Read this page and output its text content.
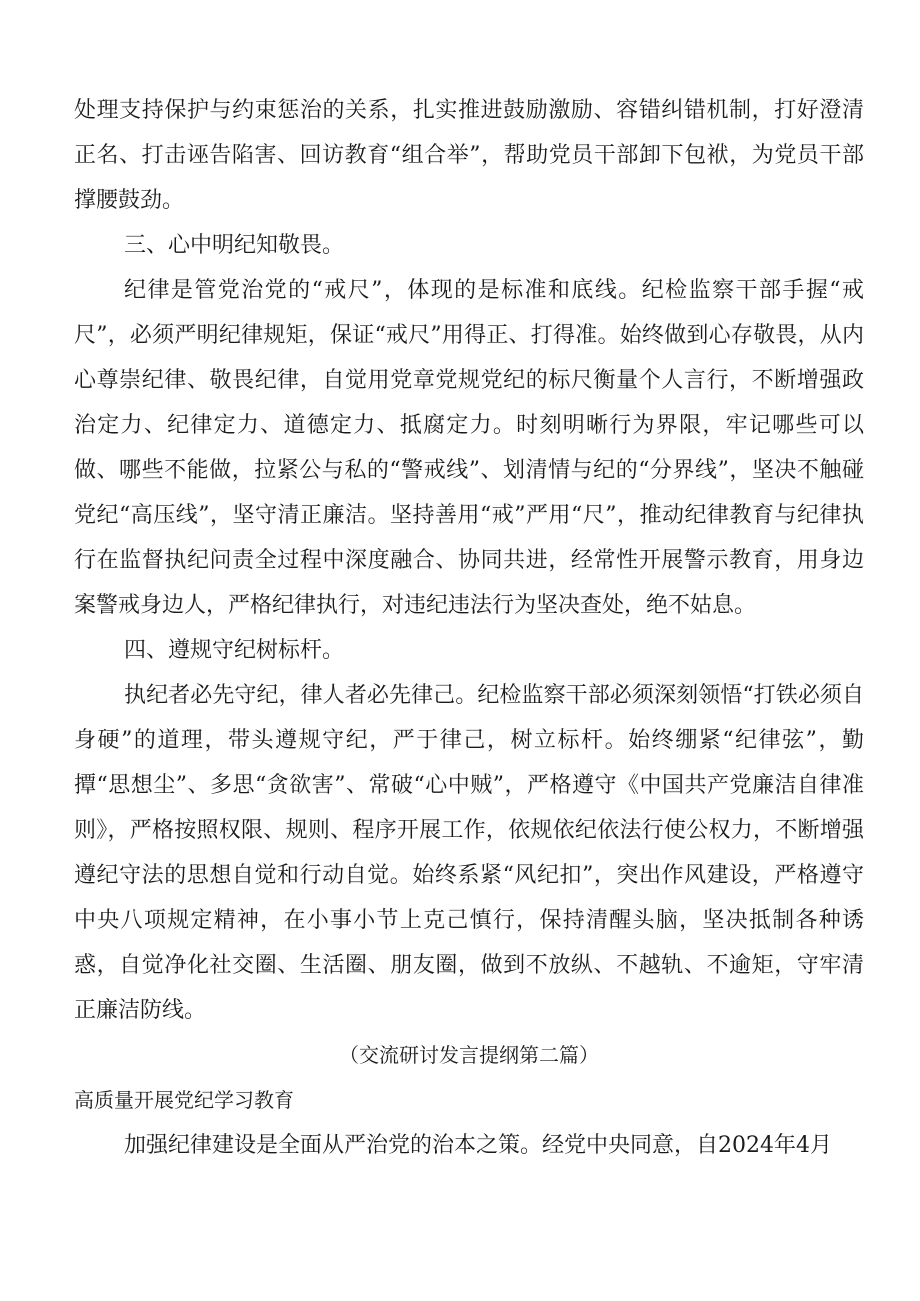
处理支持保护与约束惩治的关系，扎实推进鼓励激励、容错纠错机制，打好澄清正名、打击诬告陷害、回访教育“组合举”，帮助党员干部卸下包袱，为党员干部撑腰鼓劲。

三、心中明纪知敬畏。

纪律是管党治党的“戒尺”，体现的是标准和底线。纪检监察干部手握“戒尺”，必须严明纪律规矩，保证“戒尺”用得正、打得准。始终做到心存敬畏，从内心尊崇纪律、敬畏纪律，自觉用党章党规党纪的标尺衡量个人言行，不断增强政治定力、纪律定力、道德定力、抵腐定力。时刻明晰行为界限，牢记哪些可以做、哪些不能做，拉紧公与私的“警戒线”、划清情与纪的“分界线”，坚决不触碰党纪“高压线”，坚守清正廉洁。坚持善用“戒”严用“尺”，推动纪律教育与纪律执行在监督执纪问责全过程中深度融合、协同共进，经常性开展警示教育，用身边案警戒身边人，严格纪律执行，对违纪违法行为坚决查处，绝不姑息。

四、遵规守纪树标杆。

执纪者必先守纪，律人者必先律己。纪检监察干部必须深刻领悟“打铁必须自身硬”的道理，带头遵规守纪，严于律己，树立标杆。始终绷紧“纪律弦”，勤撢“思想尘”、多思“贪欲害”、常破“心中贼”，严格遵守《中国共产党廉洁自律准则》，严格按照权限、规则、程序开展工作，依规依纪依法行使公权力，不断增强遵纪守法的思想自觉和行动自觉。始终系紧“风纪扣”，突出作风建设，严格遵守中央八项规定精神，在小事小节上克己慎行，保持清醒头脑，坚决抵制各种诱惑，自觉净化社交圈、生活圈、朋友圈，做到不放纵、不越轨、不逾矩，守牢清正廉洁防线。

（交流研讨发言提纲第二篇）

高质量开展党纪学习教育

加强纪律建设是全面从严治党的治本之策。经党中央同意，自2024年4月
